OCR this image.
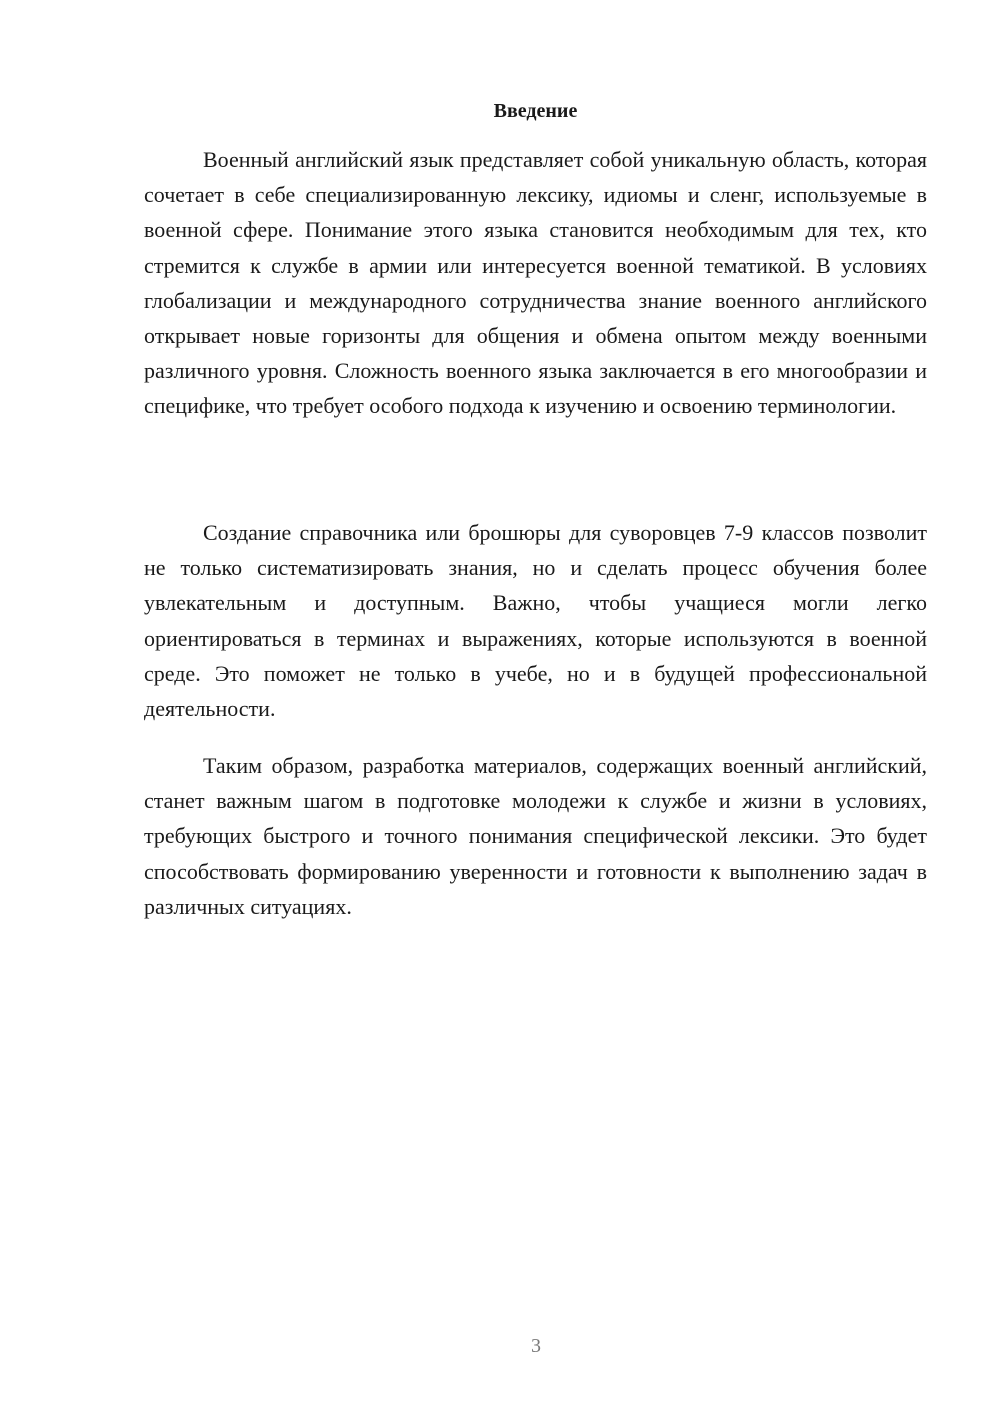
Введение

Военный английский язык представляет собой уникальную область, которая сочетает в себе специализированную лексику, идиомы и сленг, используемые в военной сфере. Понимание этого языка становится необходимым для тех, кто стремится к службе в армии или интересуется военной тематикой. В условиях глобализации и международного сотрудничества знание военного английского открывает новые горизонты для общения и обмена опытом между военными различного уровня. Сложность военного языка заключается в его многообразии и специфике, что требует особого подхода к изучению и освоению терминологии.

Создание справочника или брошюры для суворовцев 7-9 классов позволит не только систематизировать знания, но и сделать процесс обучения более увлекательным и доступным. Важно, чтобы учащиеся могли легко ориентироваться в терминах и выражениях, которые используются в военной среде. Это поможет не только в учебе, но и в будущей профессиональной деятельности.

Таким образом, разработка материалов, содержащих военный английский, станет важным шагом в подготовке молодежи к службе и жизни в условиях, требующих быстрого и точного понимания специфической лексики. Это будет способствовать формированию уверенности и готовности к выполнению задач в различных ситуациях.

3
